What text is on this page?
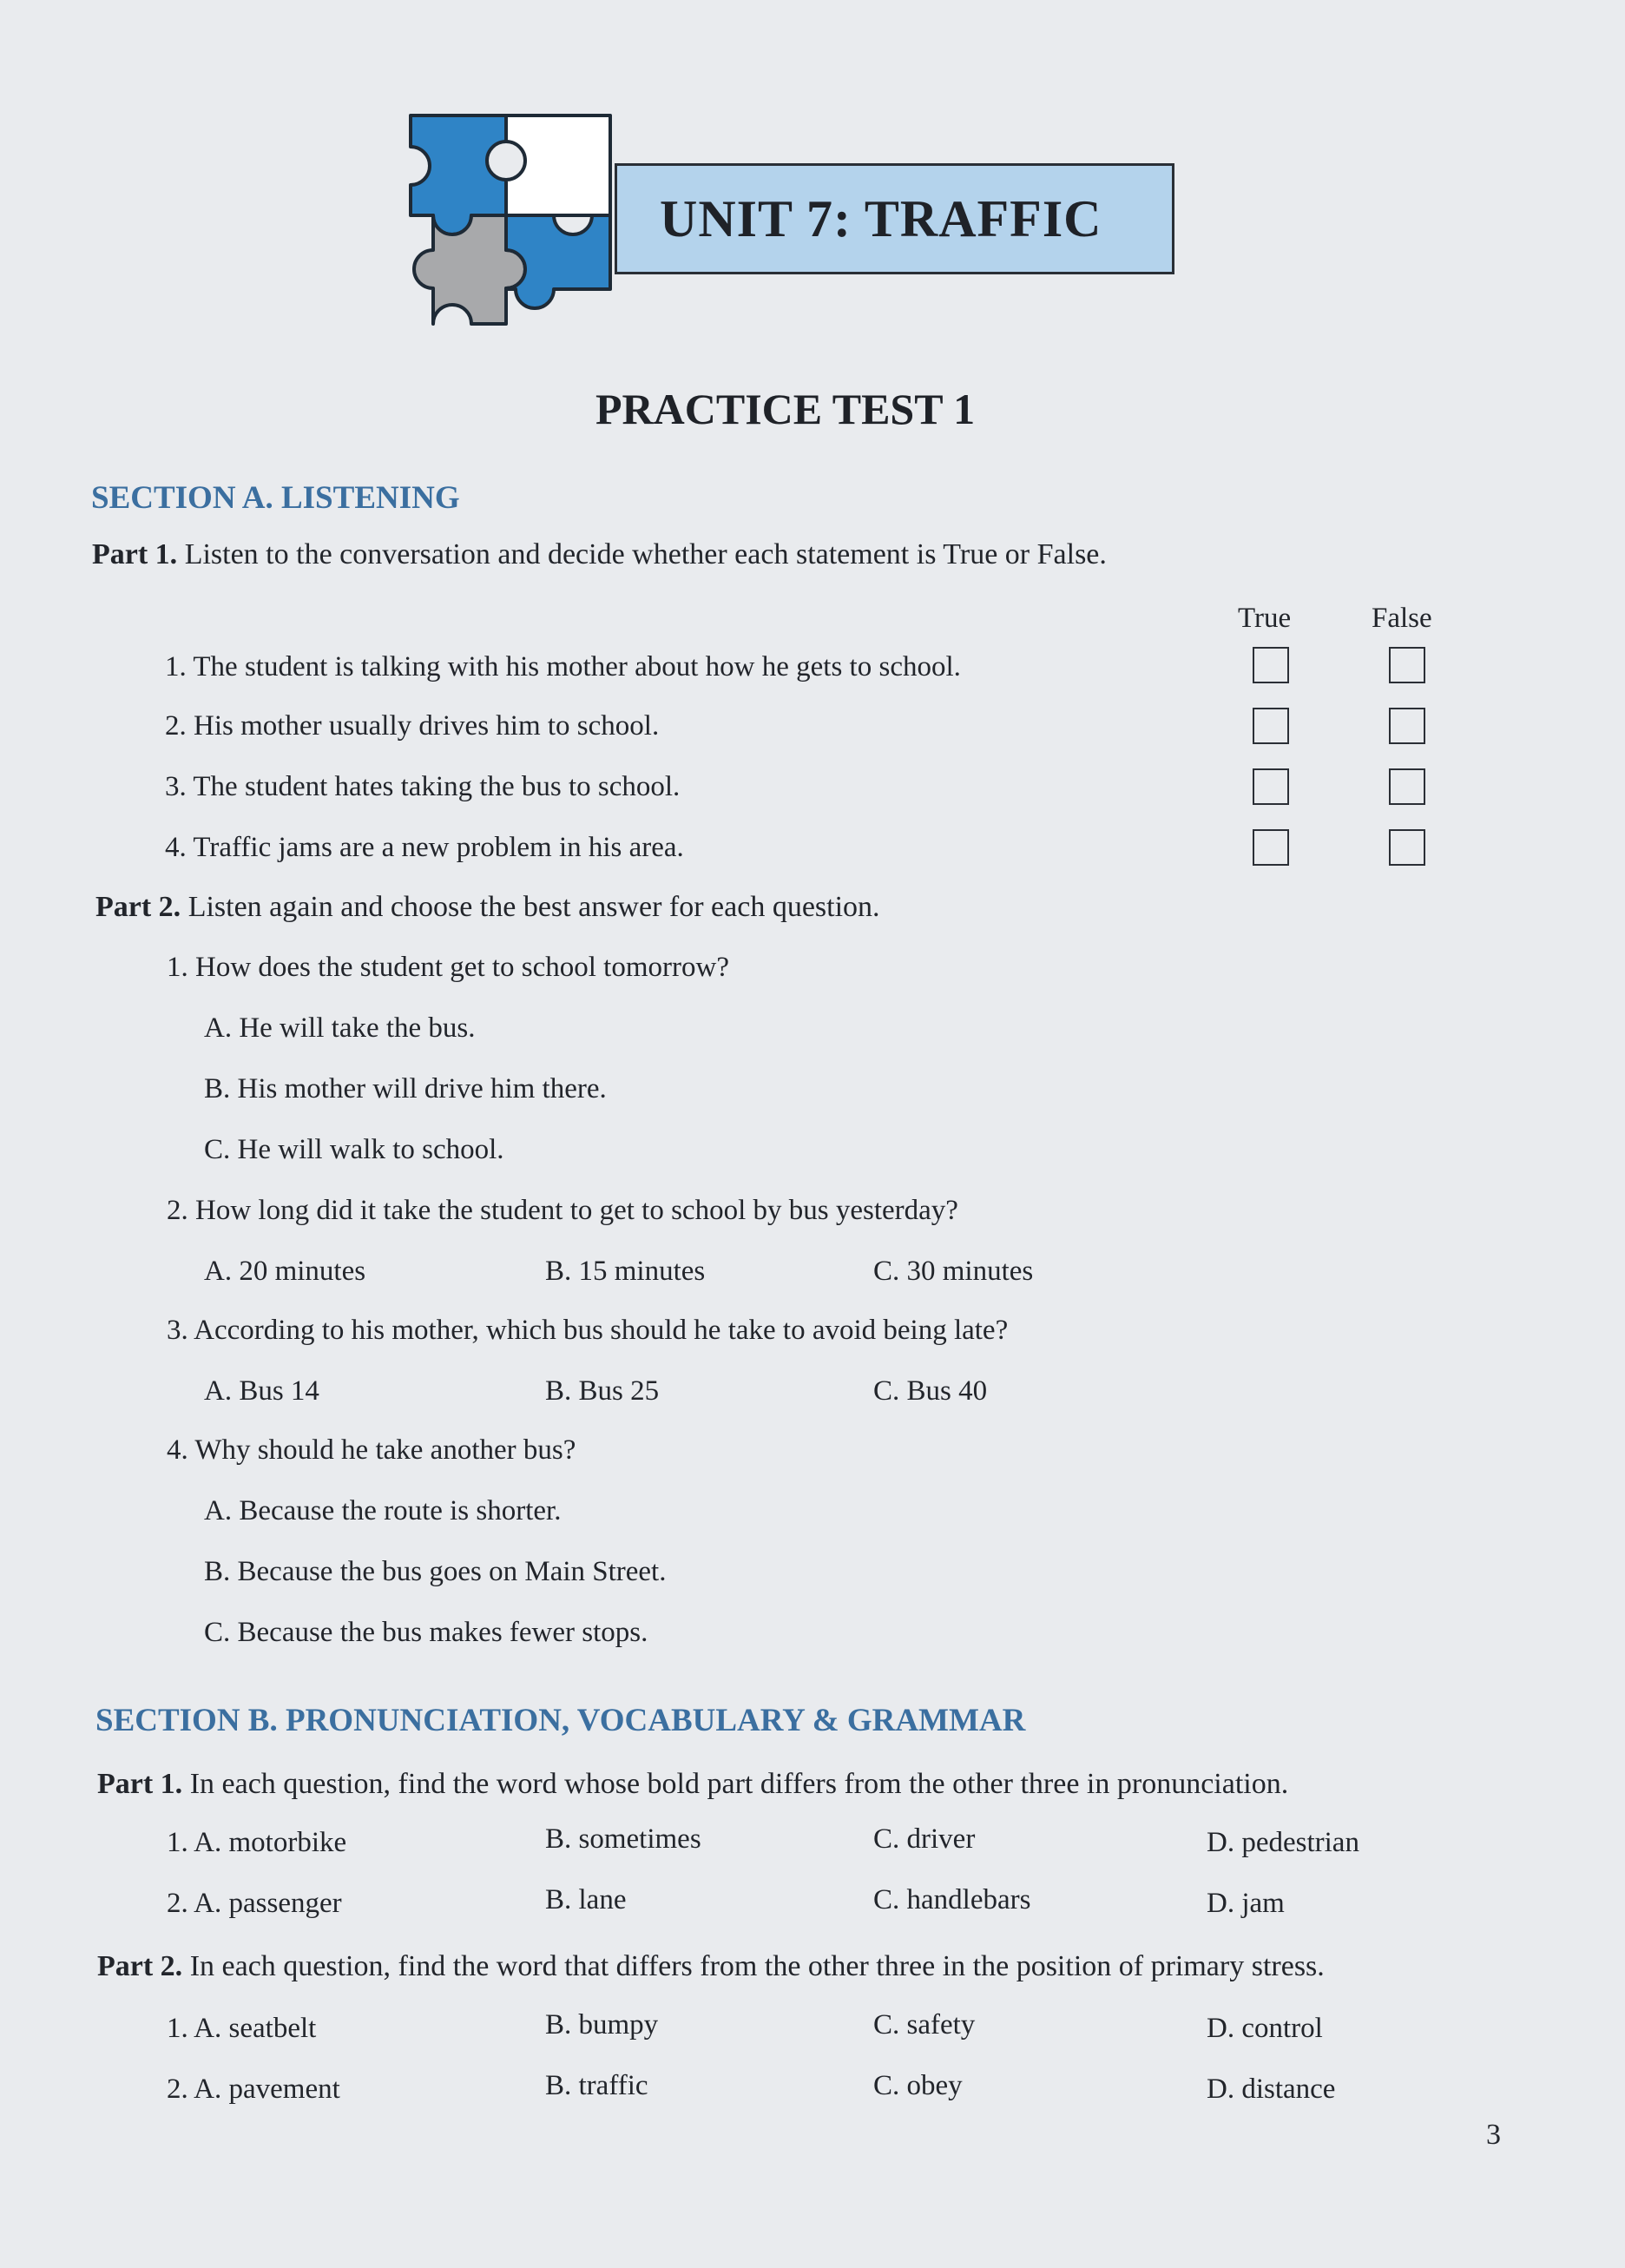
UNIT 7: TRAFFIC
PRACTICE TEST 1
SECTION A. LISTENING
Part 1. Listen to the conversation and decide whether each statement is True or False.
True	False
1. The student is talking with his mother about how he gets to school.
2. His mother usually drives him to school.
3. The student hates taking the bus to school.
4. Traffic jams are a new problem in his area.
Part 2. Listen again and choose the best answer for each question.
1. How does the student get to school tomorrow?
A. He will take the bus.
B. His mother will drive him there.
C. He will walk to school.
2. How long did it take the student to get to school by bus yesterday?
A. 20 minutes	B. 15 minutes	C. 30 minutes
3. According to his mother, which bus should he take to avoid being late?
A. Bus 14	B. Bus 25	C. Bus 40
4. Why should he take another bus?
A. Because the route is shorter.
B. Because the bus goes on Main Street.
C. Because the bus makes fewer stops.
SECTION B. PRONUNCIATION, VOCABULARY & GRAMMAR
Part 1. In each question, find the word whose bold part differs from the other three in pronunciation.
1. A. motorbike	B. sometimes	C. driver	D. pedestrian
2. A. passenger	B. lane	C. handlebars	D. jam
Part 2. In each question, find the word that differs from the other three in the position of primary stress.
1. A. seatbelt	B. bumpy	C. safety	D. control
2. A. pavement	B. traffic	C. obey	D. distance
3
